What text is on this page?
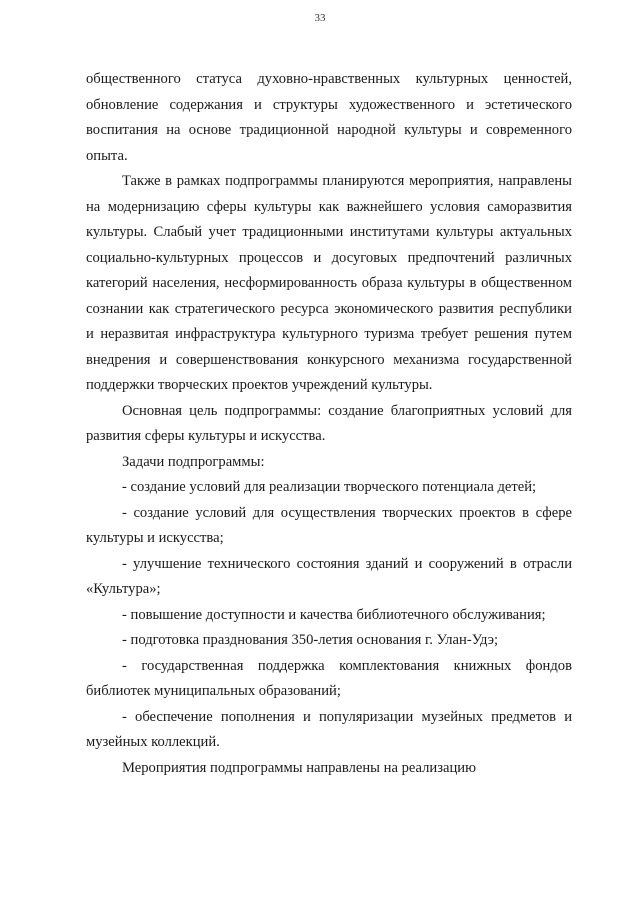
33

общественного статуса духовно-нравственных культурных ценностей, обновление содержания и структуры художественного и эстетического воспитания на основе традиционной народной культуры и современного опыта.

Также в рамках подпрограммы планируются мероприятия, направлены на модернизацию сферы культуры как важнейшего условия саморазвития культуры. Слабый учет традиционными институтами культуры актуальных социально-культурных процессов и досуговых предпочтений различных категорий населения, несформированность образа культуры в общественном сознании как стратегического ресурса экономического развития республики и неразвитая инфраструктура культурного туризма требует решения путем внедрения и совершенствования конкурсного механизма государственной поддержки творческих проектов учреждений культуры.

Основная цель подпрограммы: создание благоприятных условий для развития сферы культуры и искусства.

Задачи подпрограммы:

- создание условий для реализации творческого потенциала детей;

- создание условий для осуществления творческих проектов в сфере культуры и искусства;

- улучшение технического состояния зданий и сооружений в отрасли «Культура»;

- повышение доступности и качества библиотечного обслуживания;

- подготовка празднования 350-летия основания г. Улан-Удэ;

- государственная поддержка комплектования книжных фондов библиотек муниципальных образований;

- обеспечение пополнения и популяризации музейных предметов и музейных коллекций.

Мероприятия подпрограммы направлены на реализацию
